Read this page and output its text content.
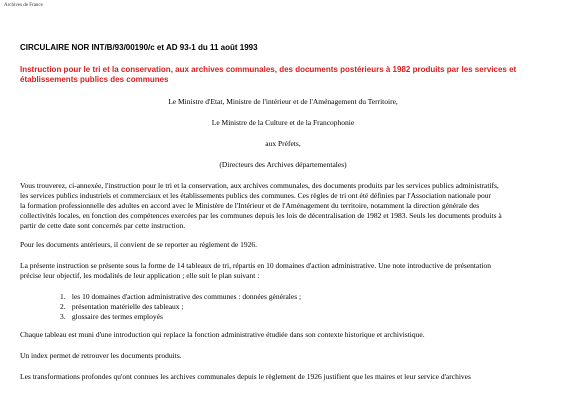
Archives de France
CIRCULAIRE NOR INT/B/93/00190/c et AD 93-1 du 11 août 1993
Instruction pour le tri et la conservation, aux archives communales, des documents postérieurs à 1982 produits par les services et établissements publics des communes
Le Ministre d'Etat, Ministre de l'intérieur et de l'Aménagement du Territoire,
Le Ministre de la Culture et de la Francophonie
aux Préfets,
(Directeurs des Archives départementales)
Vous trouverez, ci-annexée, l'instruction pour le tri et la conservation, aux archives communales, des documents produits par les services publics administratifs,
les services publics industriels et commerciaux et les établissements publics des communes. Ces règles de tri ont été définies par l'Association nationale pour
la formation professionnelle des adultes en accord avec le Ministère de l'Intérieur et de l'Aménagement du territoire, notamment la direction générale des
collectivités locales, en fonction des compétences exercées par les communes depuis les lois de décentralisation de 1982 et 1983. Seuls les documents produits à
partir de cette date sont concernés par cette instruction.
Pour les documents antérieurs, il convient de se reporter au règlement de 1926.
La présente instruction se présente sous la forme de 14 tableaux de tri, répartis en 10 domaines d'action administrative. Une note introductive de présentation
précise leur objectif, les modalités de leur application ; elle suit le plan suivant :
1. les 10 domaines d'action administrative des communes : données générales ;
2. présentation matérielle des tableaux ;
3. glossaire des termes employés
Chaque tableau est muni d'une introduction qui replace la fonction administrative étudiée dans son contexte historique et archivistique.
Un index permet de retrouver les documents produits.
Les transformations profondes qu'ont connues les archives communales depuis le règlement de 1926 justifient que les maires et leur service d'archives
